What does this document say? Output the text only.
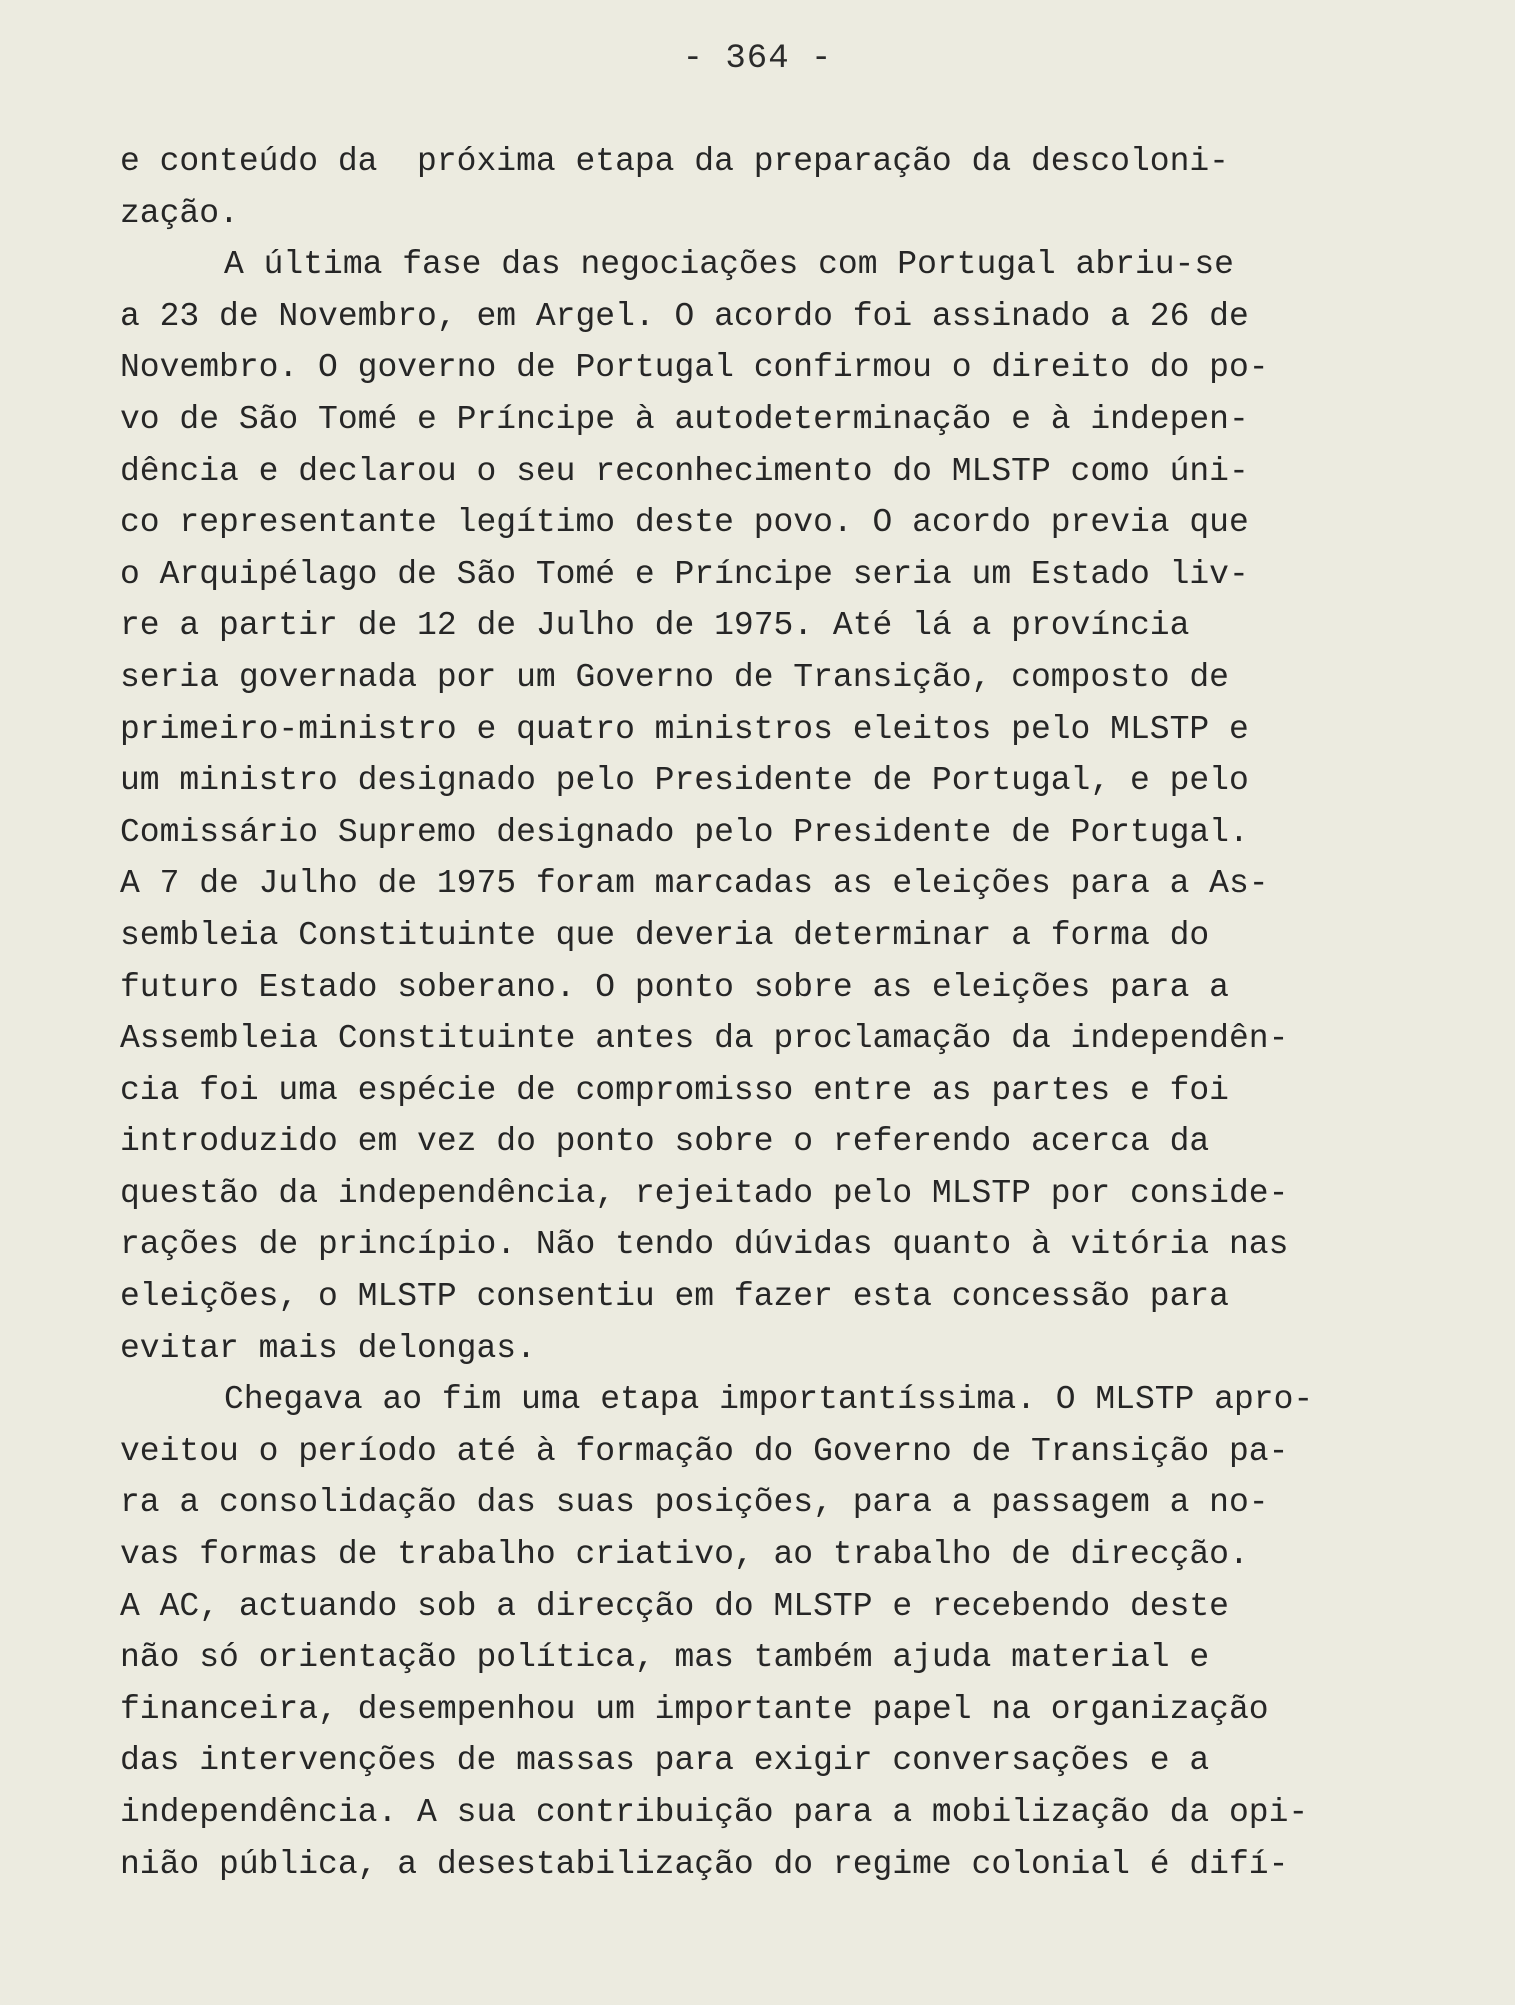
- 364 -
e conteúdo da  próxima etapa da preparação da descoloni-
zação.
A última fase das negociações com Portugal abriu-se
a 23 de Novembro, em Argel. O acordo foi assinado a 26 de
Novembro. O governo de Portugal confirmou o direito do po-
vo de São Tomé e Príncipe à autodeterminação e à indepen-
dência e declarou o seu reconhecimento do MLSTP como úni-
co representante legítimo deste povo. O acordo previa que
o Arquipélago de São Tomé e Príncipe seria um Estado liv-
re a partir de 12 de Julho de 1975. Até lá a província
seria governada por um Governo de Transição, composto de
primeiro-ministro e quatro ministros eleitos pelo MLSTP e
um ministro designado pelo Presidente de Portugal, e pelo
Comissário Supremo designado pelo Presidente de Portugal.
A 7 de Julho de 1975 foram marcadas as eleições para a As-
sembleia Constituinte que deveria determinar a forma do
futuro Estado soberano. O ponto sobre as eleições para a
Assembleia Constituinte antes da proclamação da independên-
cia foi uma espécie de compromisso entre as partes e foi
introduzido em vez do ponto sobre o referendo acerca da
questão da independência, rejeitado pelo MLSTP por conside-
rações de princípio. Não tendo dúvidas quanto à vitória nas
eleições, o MLSTP consentiu em fazer esta concessão para
evitar mais delongas.
Chegava ao fim uma etapa importantíssima. O MLSTP apro-
veitou o período até à formação do Governo de Transição pa-
ra a consolidação das suas posições, para a passagem a no-
vas formas de trabalho criativo, ao trabalho de direcção.
A AC, actuando sob a direcção do MLSTP e recebendo deste
não só orientação política, mas também ajuda material e
financeira, desempenhou um importante papel na organização
das intervenções de massas para exigir conversações e a
independência. A sua contribuição para a mobilização da opi-
nião pública, a desestabilização do regime colonial é difí-
